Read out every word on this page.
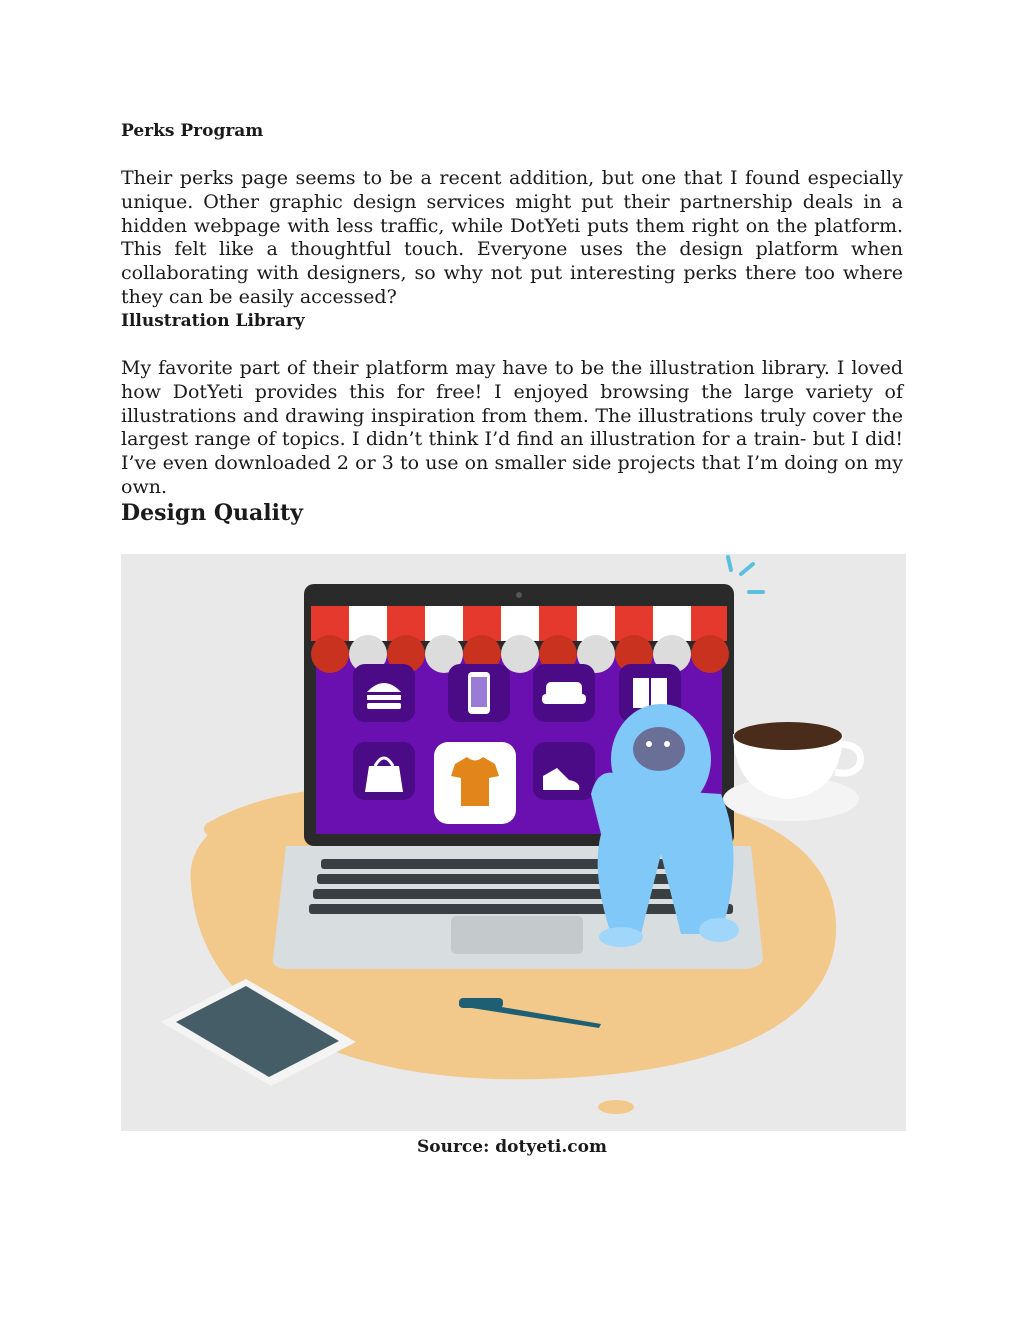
Perks Program

Their perks page seems to be a recent addition, but one that I found especially unique. Other graphic design services might put their partnership deals in a hidden webpage with less traffic, while DotYeti puts them right on the platform. This felt like a thoughtful touch. Everyone uses the design platform when collaborating with designers, so why not put interesting perks there too where they can be easily accessed?

Illustration Library

My favorite part of their platform may have to be the illustration library. I loved how DotYeti provides this for free! I enjoyed browsing the large variety of illustrations and drawing inspiration from them. The illustrations truly cover the largest range of topics. I didn’t think I’d find an illustration for a train- but I did! I’ve even downloaded 2 or 3 to use on smaller side projects that I’m doing on my own.

Design Quality

Source: dotyeti.com
